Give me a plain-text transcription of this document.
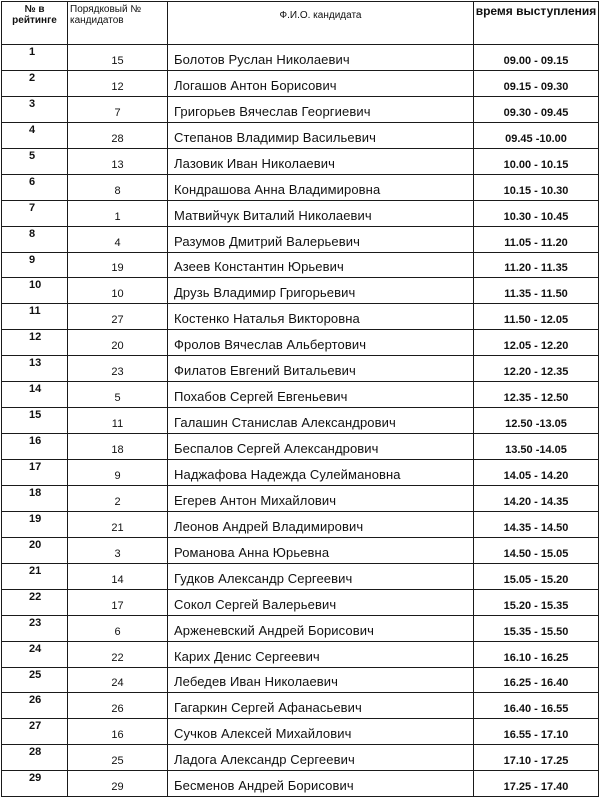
№ в рейтинге	Порядковый № кандидатов	Ф.И.О. кандидата	время выступления
1	15	Болотов Руслан Николаевич	09.00 - 09.15
2	12	Логашов Антон Борисович	09.15 - 09.30
3	7	Григорьев Вячеслав Георгиевич	09.30 - 09.45
4	28	Степанов Владимир Васильевич	09.45 -10.00
5	13	Лазовик Иван Николаевич	10.00 - 10.15
6	8	Кондрашова Анна Владимировна	10.15 - 10.30
7	1	Матвийчук Виталий Николаевич	10.30 - 10.45
8	4	Разумов Дмитрий Валерьевич	11.05 - 11.20
9	19	Азеев Константин Юрьевич	11.20 - 11.35
10	10	Друзь Владимир Григорьевич	11.35 - 11.50
11	27	Костенко Наталья Викторовна	11.50 - 12.05
12	20	Фролов Вячеслав Альбертович	12.05 - 12.20
13	23	Филатов Евгений Витальевич	12.20 - 12.35
14	5	Похабов Сергей Евгеньевич	12.35 - 12.50
15	11	Галашин Станислав Александрович	12.50 -13.05
16	18	Беспалов Сергей Александрович	13.50 -14.05
17	9	Наджафова Надежда Сулеймановна	14.05 - 14.20
18	2	Егерев Антон Михайлович	14.20 - 14.35
19	21	Леонов Андрей Владимирович	14.35 - 14.50
20	3	Романова Анна Юрьевна	14.50 - 15.05
21	14	Гудков Александр Сергеевич	15.05 - 15.20
22	17	Сокол Сергей Валерьевич	15.20 - 15.35
23	6	Арженевский Андрей Борисович	15.35 - 15.50
24	22	Карих Денис Сергеевич	16.10 - 16.25
25	24	Лебедев Иван Николаевич	16.25 - 16.40
26	26	Гагаркин Сергей Афанасьевич	16.40 - 16.55
27	16	Сучков Алексей Михайлович	16.55 - 17.10
28	25	Ладога Александр Сергеевич	17.10 - 17.25
29	29	Бесменов Андрей Борисович	17.25 - 17.40
